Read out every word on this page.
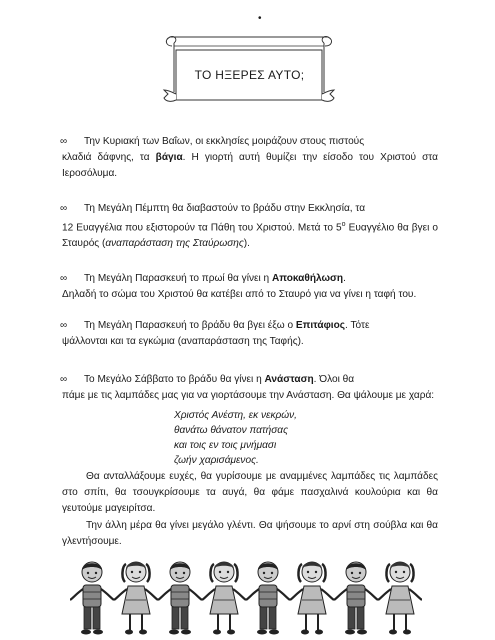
•
ΤΟ ΗΞΕΡΕΣ ΑΥΤΟ;
∞	Την Κυριακή των Βαΐων, οι εκκλησίες μοιράζουν στους πιστούς
κλαδιά δάφνης, τα βάγια. Η γιορτή αυτή θυμίζει την είσοδο του Χριστού στα Ιεροσόλυμα.
∞	Τη Μεγάλη Πέμπτη θα διαβαστούν το βράδυ στην Εκκλησία, τα
12 Ευαγγέλια που εξιστορούν τα Πάθη του Χριστού. Μετά το $5^o$ Ευαγγέλιο θα βγει ο Σταυρός (αναπαράσταση της Σταύρωσης).
∞	Τη Μεγάλη Παρασκευή το πρωί θα γίνει η Αποκαθήλωση.
Δηλαδή το σώμα του Χριστού θα κατέβει από το Σταυρό για να γίνει η ταφή του.
∞	Τη Μεγάλη Παρασκευή το βράδυ θα βγει έξω ο Επιτάφιος. Τότε
ψάλλονται και τα εγκώμια (αναπαράσταση της Ταφής).
∞	Το Μεγάλο Σάββατο το βράδυ θα γίνει η Ανάσταση. Όλοι θα
πάμε με τις λαμπάδες μας για να γιορτάσουμε την Ανάσταση. Θα ψάλουμε με χαρά:
Χριστός Ανέστη, εκ νεκρών,
θανάτω θάνατον πατήσας
και τοις εν τοις μνήμασι
ζωήν χαρισάμενος.

Θα ανταλλάξουμε ευχές, θα γυρίσουμε με αναμμένες λαμπάδες τις λαμπάδες στο σπίτι, θα τσουγκρίσουμε τα αυγά, θα φάμε πασχαλινά κουλούρια και θα γευτούμε μαγειρίτσα.

Την άλλη μέρα θα γίνει μεγάλο γλέντι. Θα ψήσουμε το αρνί στη σούβλα και θα γλεντήσουμε.
